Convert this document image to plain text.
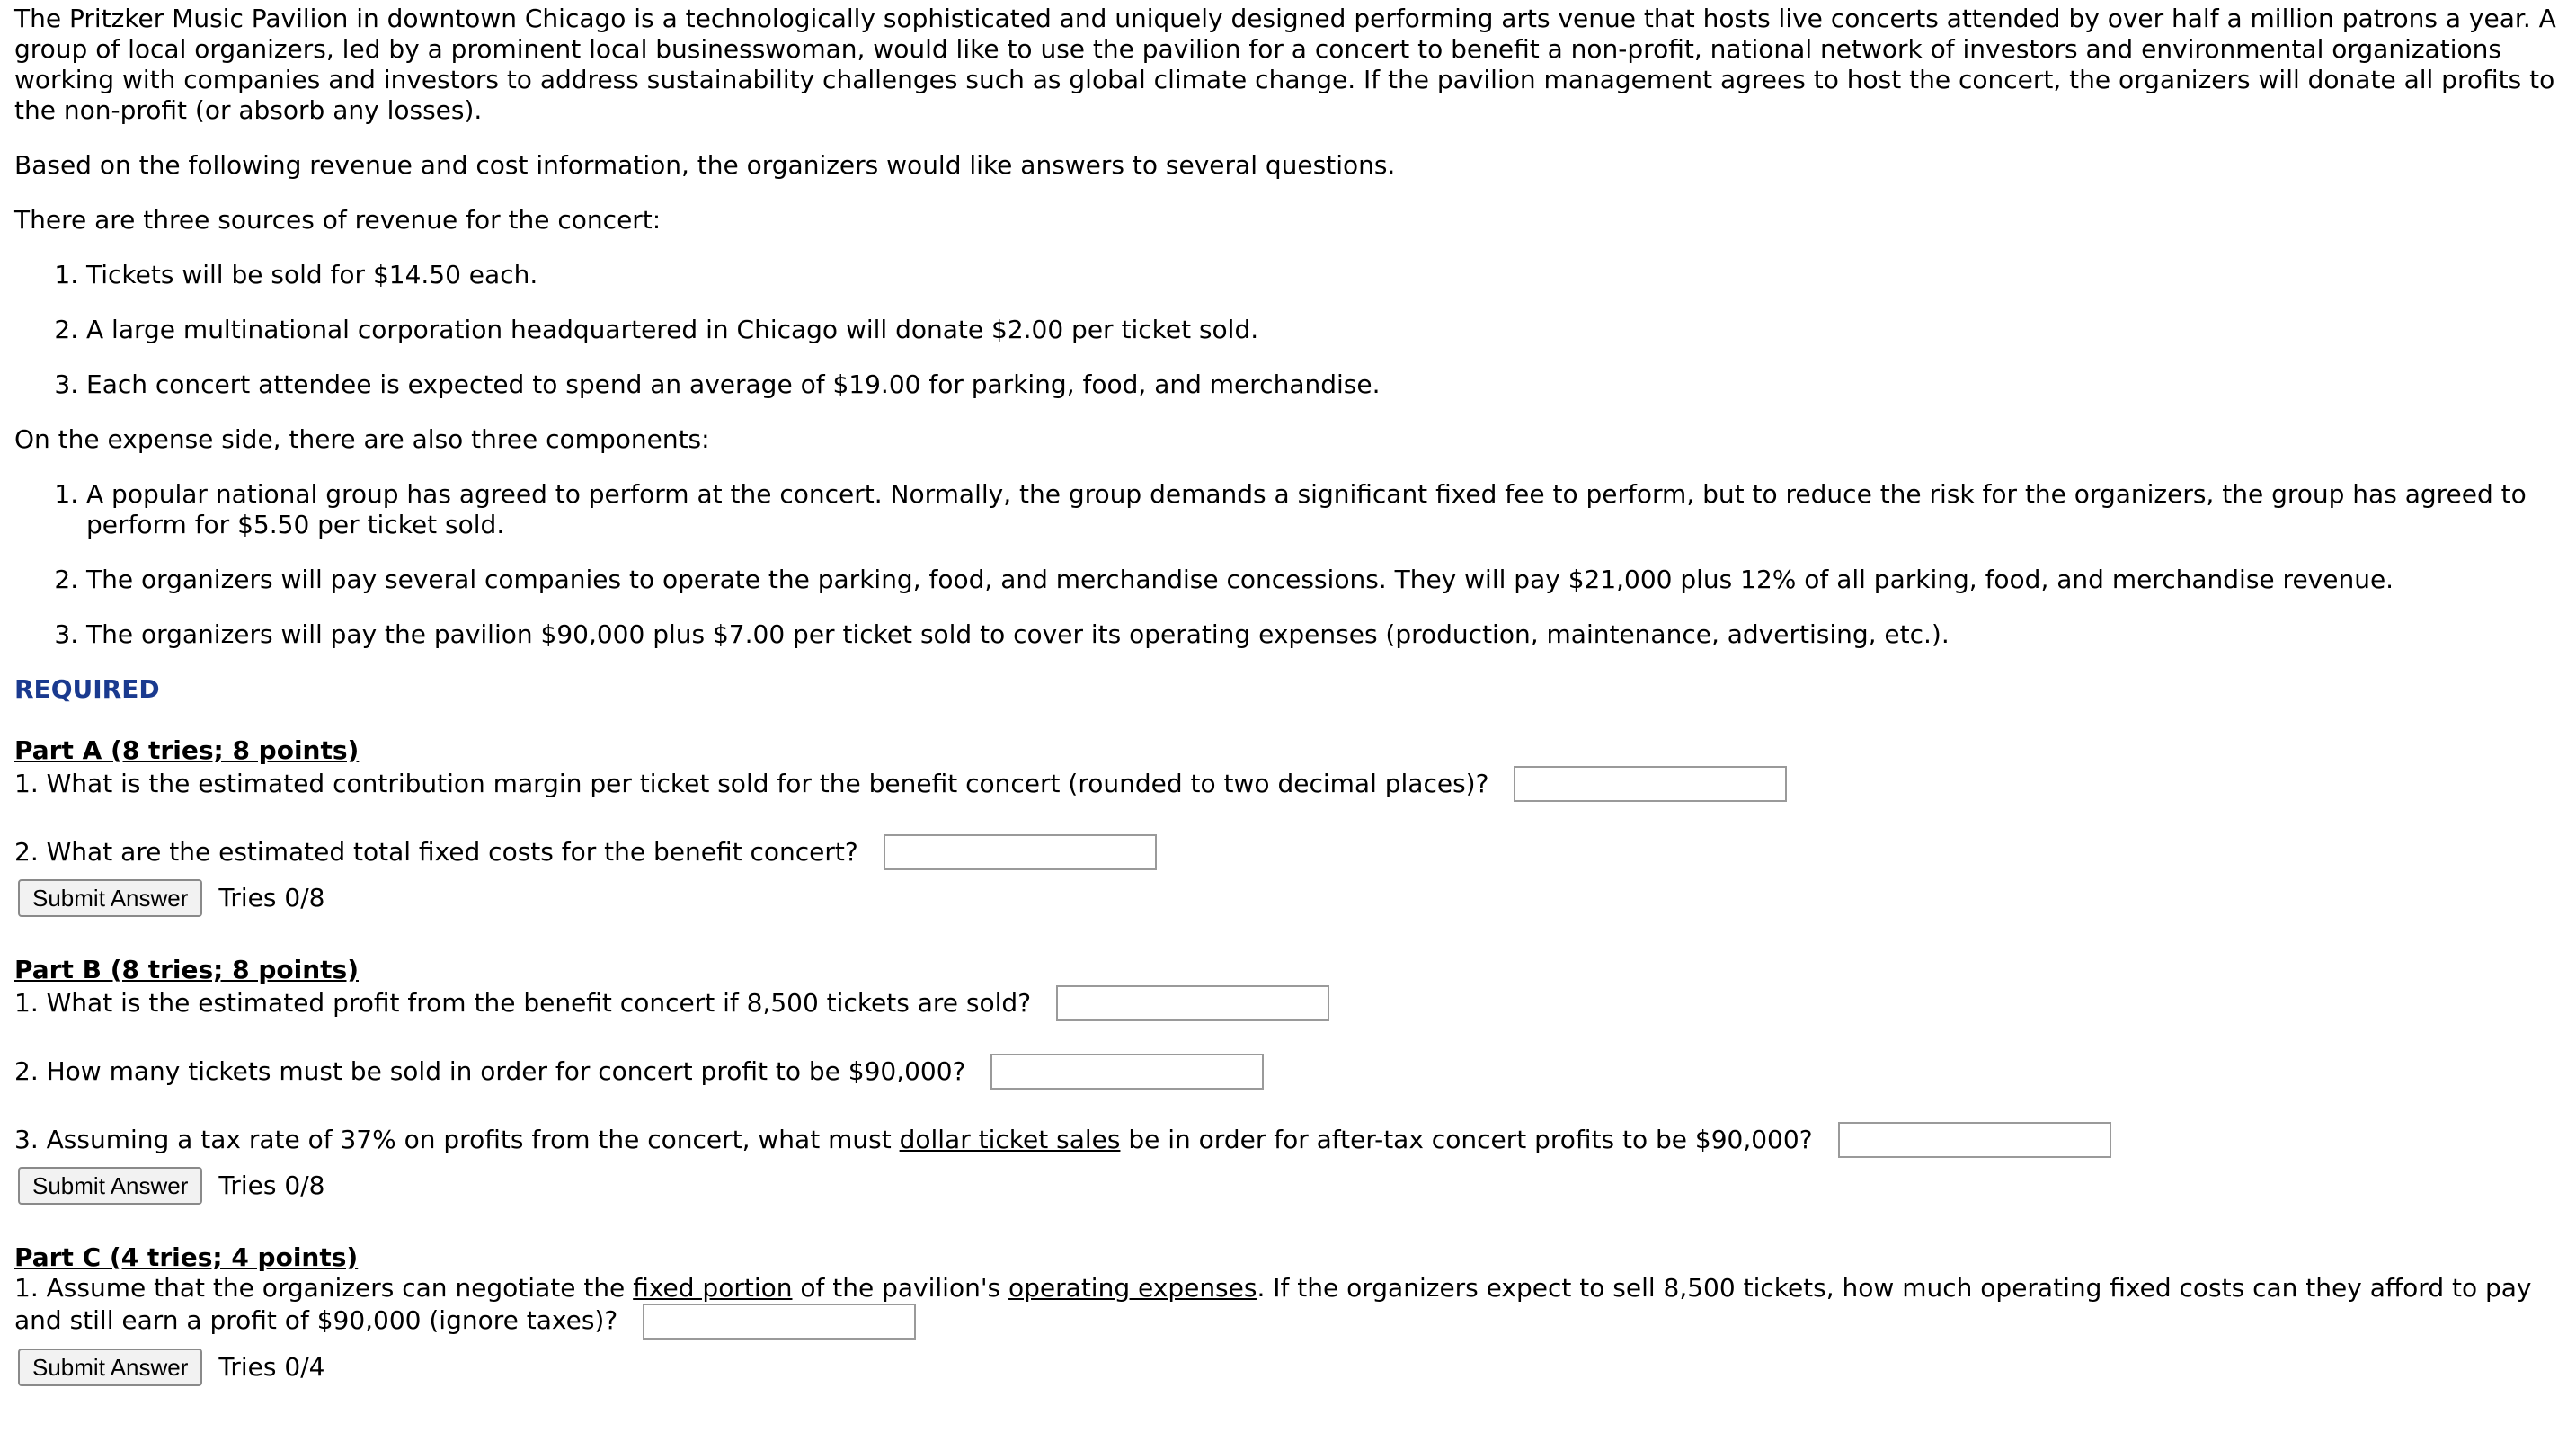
The Pritzker Music Pavilion in downtown Chicago is a technologically sophisticated and uniquely designed performing arts venue that hosts live concerts attended by over half a million patrons a year. A group of local organizers, led by a prominent local businesswoman, would like to use the pavilion for a concert to benefit a non-profit, national network of investors and environmental organizations working with companies and investors to address sustainability challenges such as global climate change. If the pavilion management agrees to host the concert, the organizers will donate all profits to the non-profit (or absorb any losses).

Based on the following revenue and cost information, the organizers would like answers to several questions.

There are three sources of revenue for the concert:

1. Tickets will be sold for $14.50 each.
2. A large multinational corporation headquartered in Chicago will donate $2.00 per ticket sold.
3. Each concert attendee is expected to spend an average of $19.00 for parking, food, and merchandise.

On the expense side, there are also three components:

1. A popular national group has agreed to perform at the concert. Normally, the group demands a significant fixed fee to perform, but to reduce the risk for the organizers, the group has agreed to perform for $5.50 per ticket sold.
2. The organizers will pay several companies to operate the parking, food, and merchandise concessions. They will pay $21,000 plus 12% of all parking, food, and merchandise revenue.
3. The organizers will pay the pavilion $90,000 plus $7.00 per ticket sold to cover its operating expenses (production, maintenance, advertising, etc.).

REQUIRED

Part A (8 tries; 8 points)
1. What is the estimated contribution margin per ticket sold for the benefit concert (rounded to two decimal places)?
2. What are the estimated total fixed costs for the benefit concert?
Submit Answer	Tries 0/8
Part B (8 tries; 8 points)
1. What is the estimated profit from the benefit concert if 8,500 tickets are sold?
2. How many tickets must be sold in order for concert profit to be $90,000?
3. Assuming a tax rate of 37% on profits from the concert, what must dollar ticket sales be in order for after-tax concert profits to be $90,000?
Submit Answer	Tries 0/8
Part C (4 tries; 4 points)
1. Assume that the organizers can negotiate the fixed portion of the pavilion's operating expenses. If the organizers expect to sell 8,500 tickets, how much operating fixed costs can they afford to pay and still earn a profit of $90,000 (ignore taxes)?
Submit Answer	Tries 0/4
